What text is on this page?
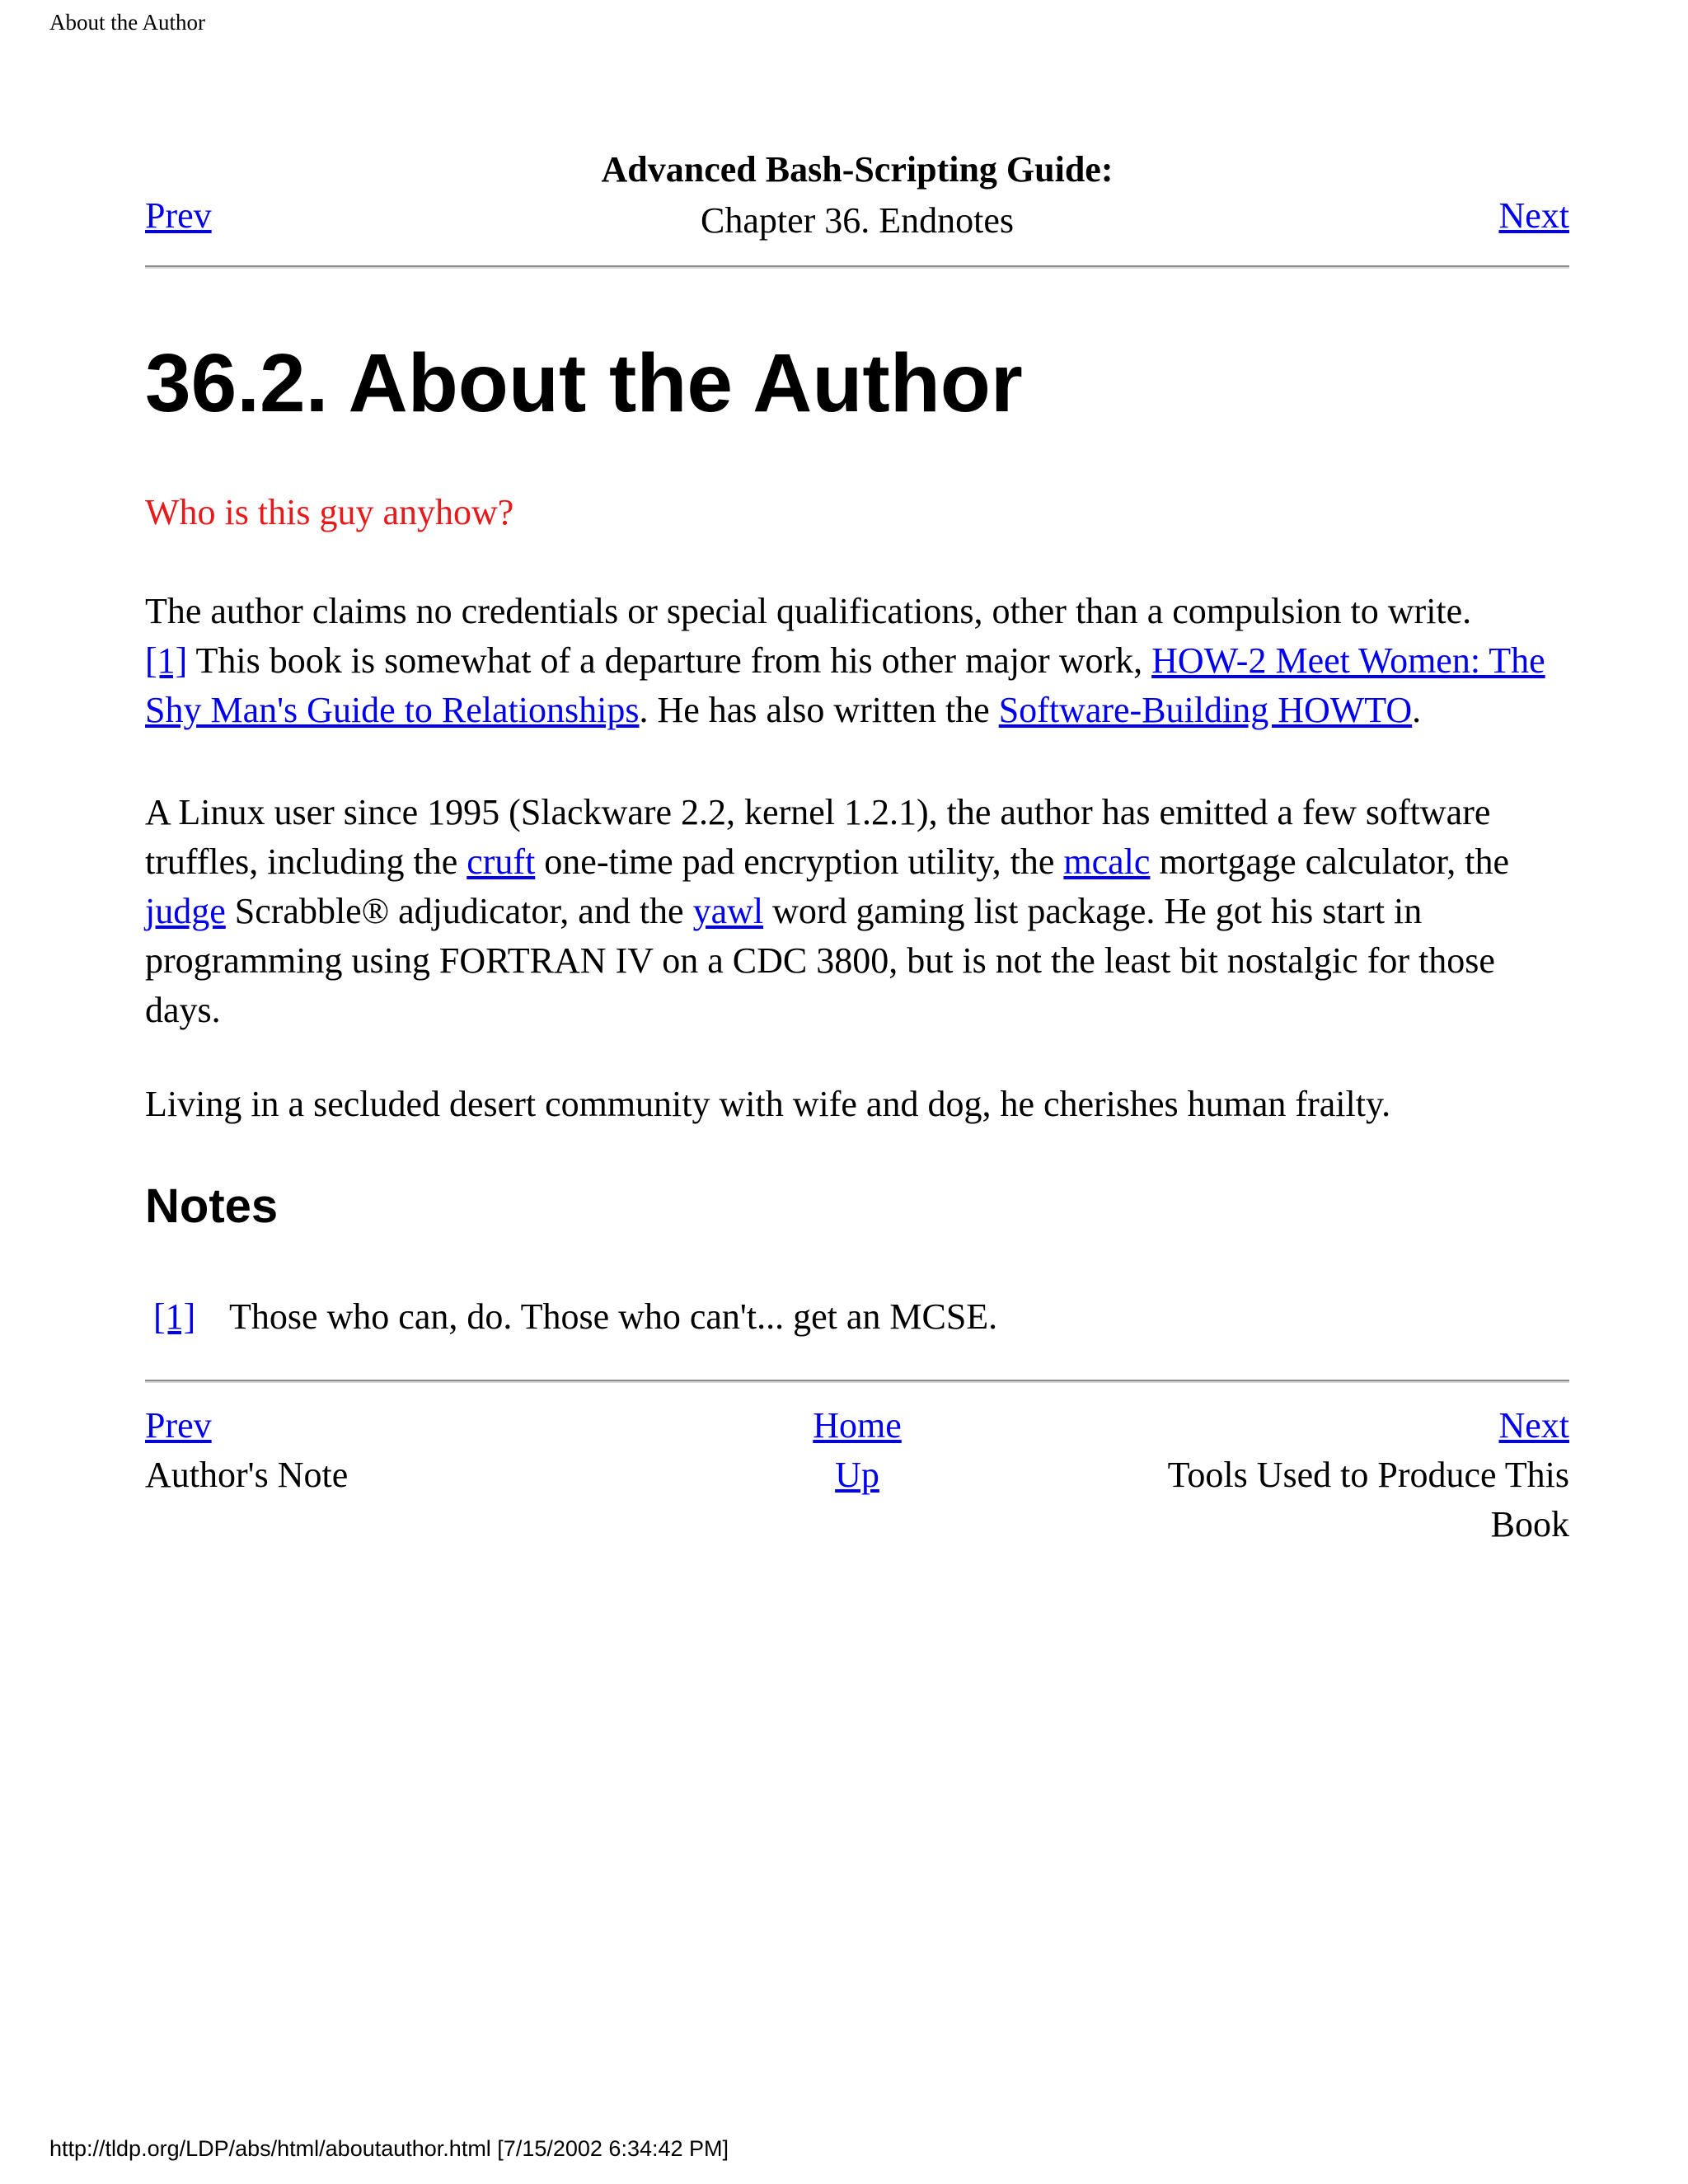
About the Author
Advanced Bash-Scripting Guide:
Chapter 36. Endnotes
Prev	Next
36.2. About the Author
Who is this guy anyhow?

The author claims no credentials or special qualifications, other than a compulsion to write.
[1] This book is somewhat of a departure from his other major work, HOW-2 Meet Women: The Shy Man's Guide to Relationships. He has also written the Software-Building HOWTO.

A Linux user since 1995 (Slackware 2.2, kernel 1.2.1), the author has emitted a few software truffles, including the cruft one-time pad encryption utility, the mcalc mortgage calculator, the judge Scrabble® adjudicator, and the yawl word gaming list package. He got his start in programming using FORTRAN IV on a CDC 3800, but is not the least bit nostalgic for those days.

Living in a secluded desert community with wife and dog, he cherishes human frailty.

Notes
[1] Those who can, do. Those who can't... get an MCSE.
Prev
Author's Note
Home
Up
Next
Tools Used to Produce This Book
http://tldp.org/LDP/abs/html/aboutauthor.html [7/15/2002 6:34:42 PM]
